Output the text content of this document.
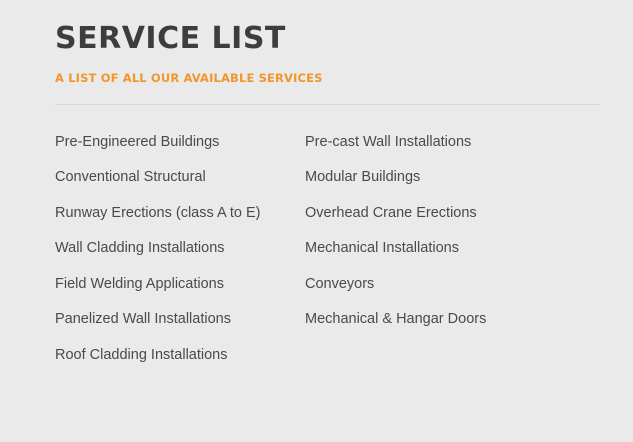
SERVICE LIST
A LIST OF ALL OUR AVAILABLE SERVICES
Pre-Engineered Buildings
Conventional Structural
Runway Erections (class A to E)
Wall Cladding Installations
Field Welding Applications
Panelized Wall Installations
Roof Cladding Installations
Pre-cast Wall Installations
Modular Buildings
Overhead Crane Erections
Mechanical Installations
Conveyors
Mechanical & Hangar Doors
